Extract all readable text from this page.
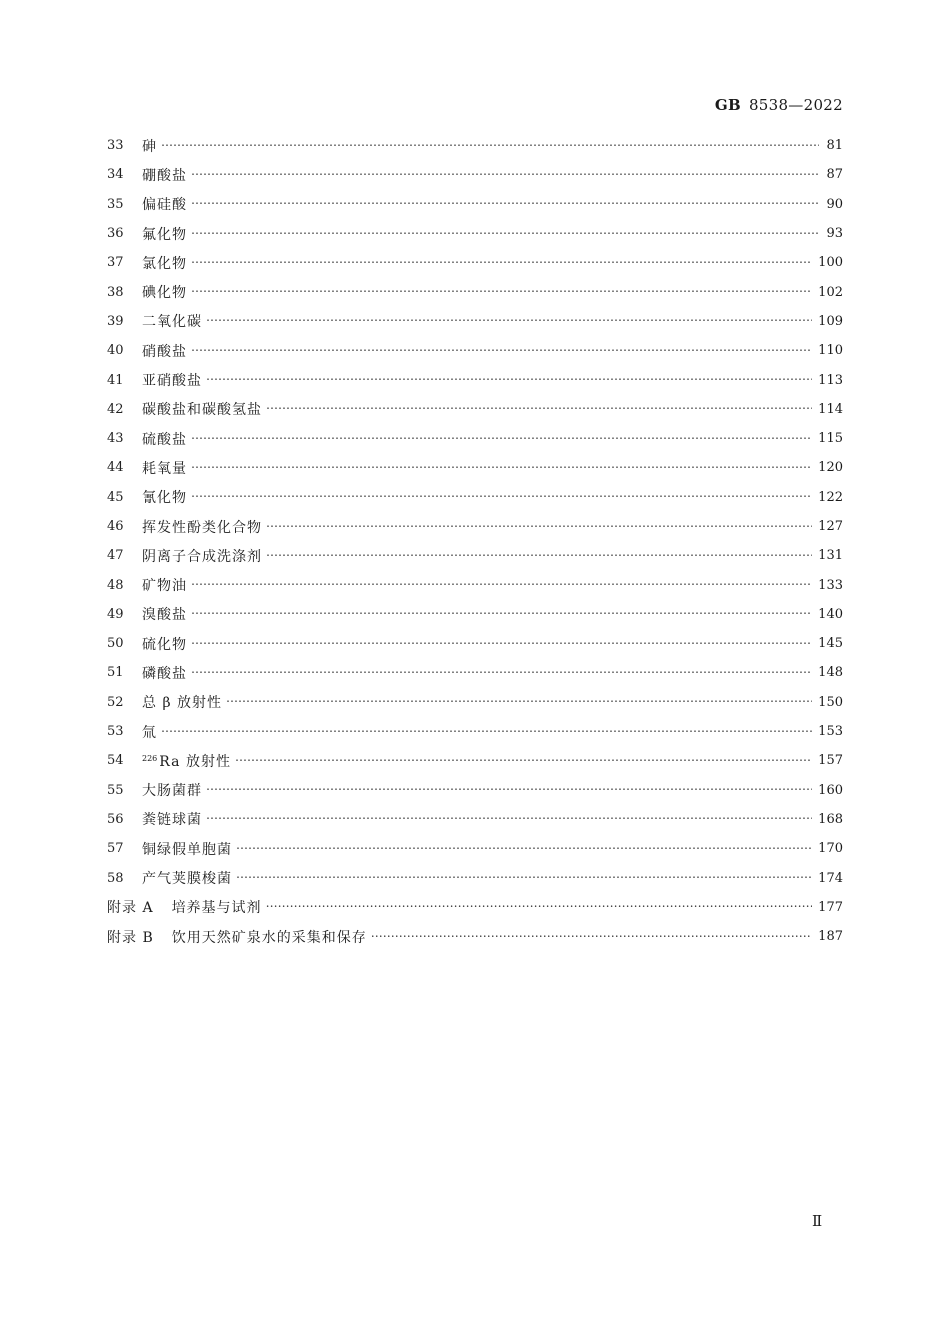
GB 8538—2022
33	砷 …………………………………………………………………………………………………………………………………………………………………………………………	81
34	硼酸盐 …………………………………………………………………………………………………………………………………………………………………………………………	87
35	偏硅酸 …………………………………………………………………………………………………………………………………………………………………………………………	90
36	氟化物 …………………………………………………………………………………………………………………………………………………………………………………………	93
37	氯化物 …………………………………………………………………………………………………………………………………………………………………………………………	100
38	碘化物 …………………………………………………………………………………………………………………………………………………………………………………………	102
39	二氧化碳 …………………………………………………………………………………………………………………………………………………………………………………………	109
40	硝酸盐 …………………………………………………………………………………………………………………………………………………………………………………………	110
41	亚硝酸盐 …………………………………………………………………………………………………………………………………………………………………………………………	113
42	碳酸盐和碳酸氢盐 …………………………………………………………………………………………………………………………………………………………………………………………	114
43	硫酸盐 …………………………………………………………………………………………………………………………………………………………………………………………	115
44	耗氧量 …………………………………………………………………………………………………………………………………………………………………………………………	120
45	氰化物 …………………………………………………………………………………………………………………………………………………………………………………………	122
46	挥发性酚类化合物 …………………………………………………………………………………………………………………………………………………………………………………………	127
47	阴离子合成洗涤剂 …………………………………………………………………………………………………………………………………………………………………………………………	131
48	矿物油 …………………………………………………………………………………………………………………………………………………………………………………………	133
49	溴酸盐 …………………………………………………………………………………………………………………………………………………………………………………………	140
50	硫化物 …………………………………………………………………………………………………………………………………………………………………………………………	145
51	磷酸盐 …………………………………………………………………………………………………………………………………………………………………………………………	148
52	总 β 放射性 …………………………………………………………………………………………………………………………………………………………………………………………	150
53	氚 …………………………………………………………………………………………………………………………………………………………………………………………	153
54	$^{226}$ Ra 放射性 …………………………………………………………………………………………………………………………………………………………………………………………	157
55	大肠菌群 …………………………………………………………………………………………………………………………………………………………………………………………	160
56	粪链球菌 …………………………………………………………………………………………………………………………………………………………………………………………	168
57	铜绿假单胞菌 …………………………………………………………………………………………………………………………………………………………………………………………	170
58	产气荚膜梭菌 …………………………………………………………………………………………………………………………………………………………………………………………	174
附录 A 培养基与试剂 …………………………………………………………………………………………………………………………………………………………………………………………	177
附录 B 饮用天然矿泉水的采集和保存 …………………………………………………………………………………………………………………………………………………………………………………………	187
Ⅱ
